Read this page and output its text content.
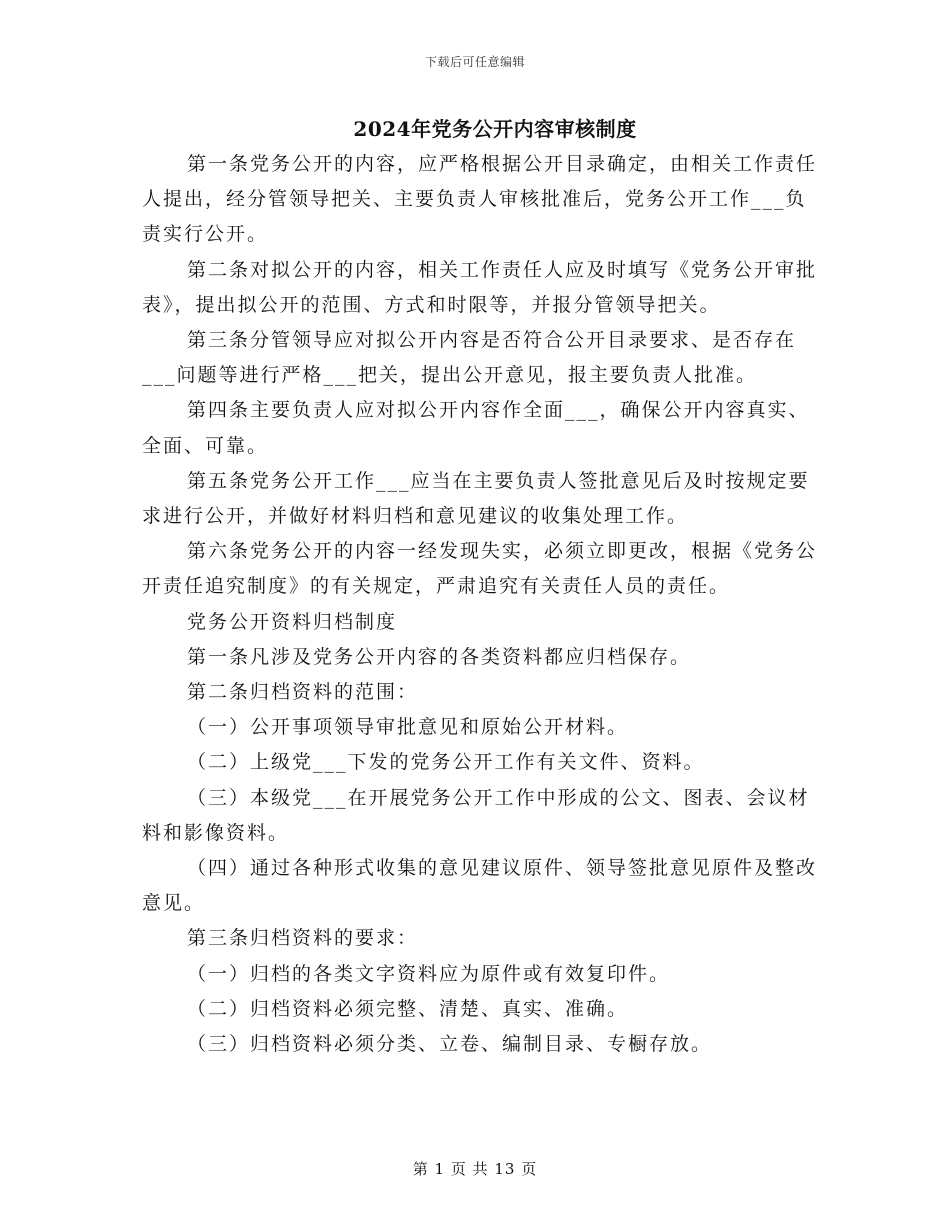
下载后可任意编辑
2024年党务公开内容审核制度

第一条党务公开的内容，应严格根据公开目录确定，由相关工作责任人提出，经分管领导把关、主要负责人审核批准后，党务公开工作___负责实行公开。

第二条对拟公开的内容，相关工作责任人应及时填写《党务公开审批表》，提出拟公开的范围、方式和时限等，并报分管领导把关。

第三条分管领导应对拟公开内容是否符合公开目录要求、是否存在___问题等进行严格___把关，提出公开意见，报主要负责人批准。

第四条主要负责人应对拟公开内容作全面___，确保公开内容真实、全面、可靠。

第五条党务公开工作___应当在主要负责人签批意见后及时按规定要求进行公开，并做好材料归档和意见建议的收集处理工作。

第六条党务公开的内容一经发现失实，必须立即更改，根据《党务公开责任追究制度》的有关规定，严肃追究有关责任人员的责任。

党务公开资料归档制度

第一条凡涉及党务公开内容的各类资料都应归档保存。

第二条归档资料的范围：

（一）公开事项领导审批意见和原始公开材料。

（二）上级党___下发的党务公开工作有关文件、资料。

（三）本级党___在开展党务公开工作中形成的公文、图表、会议材料和影像资料。

（四）通过各种形式收集的意见建议原件、领导签批意见原件及整改意见。

第三条归档资料的要求：

（一）归档的各类文字资料应为原件或有效复印件。

（二）归档资料必须完整、清楚、真实、准确。

（三）归档资料必须分类、立卷、编制目录、专橱存放。

第 1 页 共 13 页
